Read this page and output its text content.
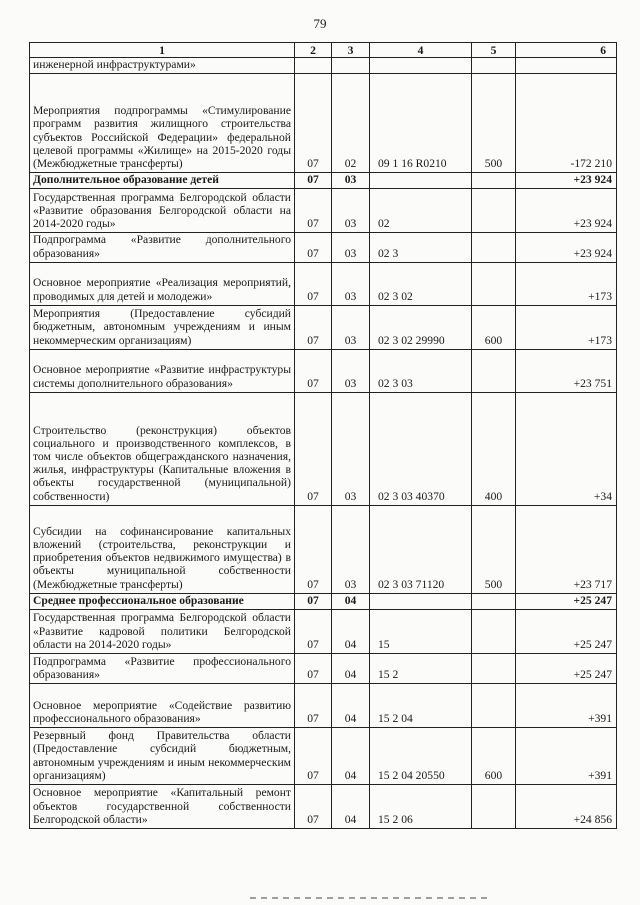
79
1	2	3	4	5	6
инженерной инфраструктурами»					
Мероприятия подпрограммы «Стимулирование программ развития жилищного строительства субъектов Российской Федерации» федеральной целевой программы «Жилище» на 2015-2020 годы (Межбюджетные трансферты)	07	02	09 1 16 R0210	500	-172 210
Дополнительное образование детей	07	03			+23 924
Государственная программа Белгородской области «Развитие образования Белгородской области на 2014-2020 годы»	07	03	02		+23 924
Подпрограмма «Развитие дополнительного образования»	07	03	02 3		+23 924
Основное мероприятие «Реализация мероприятий, проводимых для детей и молодежи»	07	03	02 3 02		+173
Мероприятия (Предоставление субсидий бюджетным, автономным учреждениям и иным некоммерческим организациям)	07	03	02 3 02 29990	600	+173
Основное мероприятие «Развитие инфраструктуры системы дополнительного образования»	07	03	02 3 03		+23 751
Строительство (реконструкция) объектов социального и производственного комплексов, в том числе объектов общегражданского назначения, жилья, инфраструктуры (Капитальные вложения в объекты государственной (муниципальной) собственности)	07	03	02 3 03 40370	400	+34
Субсидии на софинансирование капитальных вложений (строительства, реконструкции и приобретения объектов недвижимого имущества) в объекты муниципальной собственности (Межбюджетные трансферты)	07	03	02 3 03 71120	500	+23 717
Среднее профессиональное образование	07	04			+25 247
Государственная программа Белгородской области «Развитие кадровой политики Белгородской области на 2014-2020 годы»	07	04	15		+25 247
Подпрограмма «Развитие профессионального образования»	07	04	15 2		+25 247
Основное мероприятие «Содействие развитию профессионального образования»	07	04	15 2 04		+391
Резервный фонд Правительства области (Предоставление субсидий бюджетным, автономным учреждениям и иным некоммерческим организациям)	07	04	15 2 04 20550	600	+391
Основное мероприятие «Капитальный ремонт объектов государственной собственности Белгородской области»	07	04	15 2 06		+24 856
